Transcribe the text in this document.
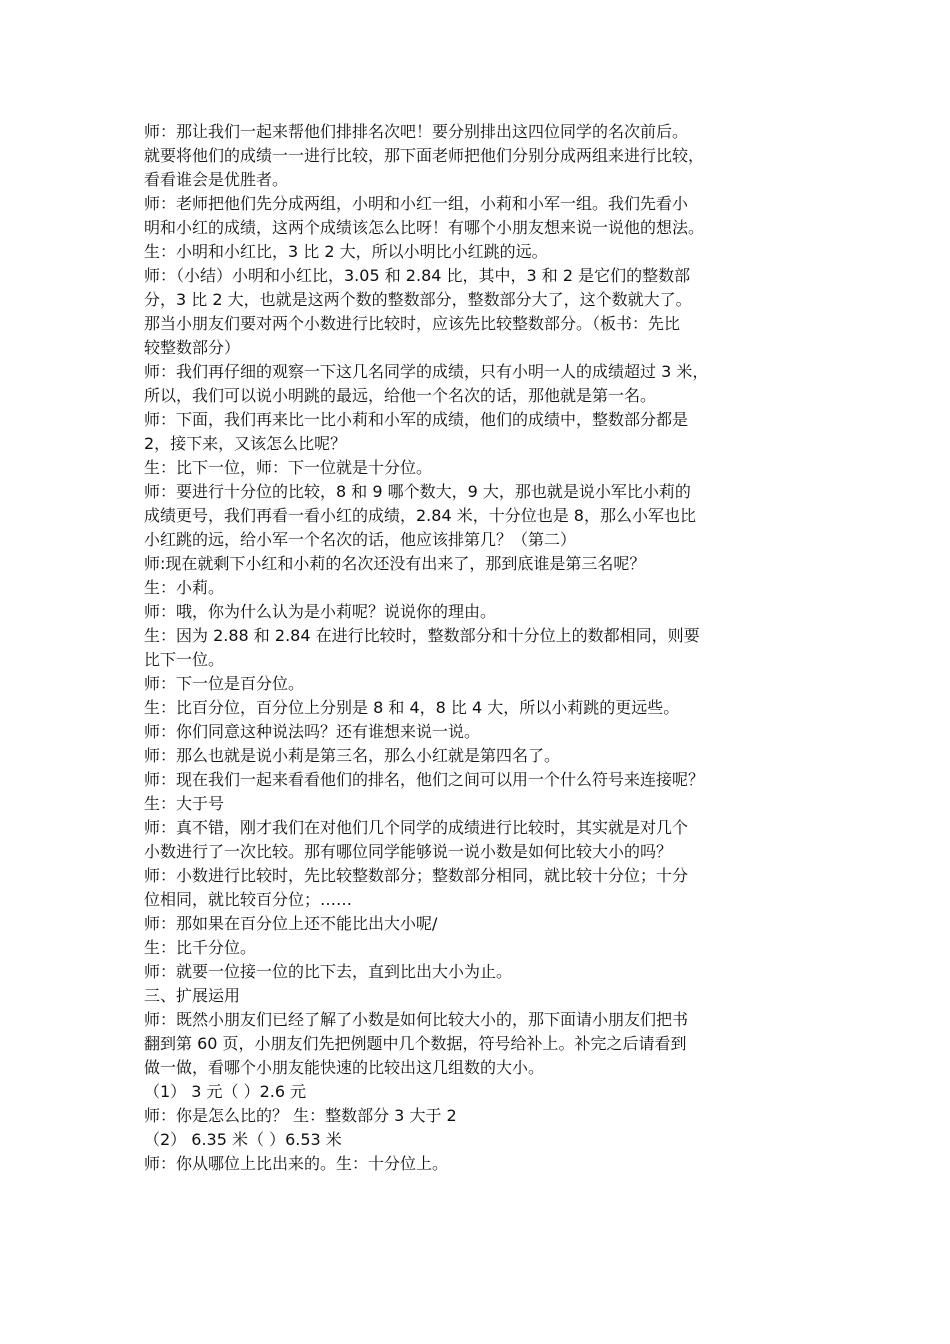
师：那让我们一起来帮他们排排名次吧！要分别排出这四位同学的名次前后。
就要将他们的成绩一一进行比较，那下面老师把他们分别分成两组来进行比较，
看看谁会是优胜者。
师：老师把他们先分成两组，小明和小红一组，小莉和小军一组。我们先看小
明和小红的成绩，这两个成绩该怎么比呀！有哪个小朋友想来说一说他的想法。
生：小明和小红比，3 比 2 大，所以小明比小红跳的远。
师：（小结）小明和小红比，3.05 和 2.84 比，其中，3 和 2 是它们的整数部
分，3 比 2 大，也就是这两个数的整数部分，整数部分大了，这个数就大了。
那当小朋友们要对两个小数进行比较时，应该先比较整数部分。（板书：先比
较整数部分）
师：我们再仔细的观察一下这几名同学的成绩，只有小明一人的成绩超过 3 米，
所以，我们可以说小明跳的最远，给他一个名次的话，那他就是第一名。
师：下面，我们再来比一比小莉和小军的成绩，他们的成绩中，整数部分都是
2，接下来，又该怎么比呢？
生：比下一位，师：下一位就是十分位。
师：要进行十分位的比较，8 和 9 哪个数大，9 大，那也就是说小军比小莉的
成绩更号，我们再看一看小红的成绩，2.84 米，十分位也是 8，那么小军也比
小红跳的远，给小军一个名次的话，他应该排第几？（第二）
师:现在就剩下小红和小莉的名次还没有出来了，那到底谁是第三名呢？
生：小莉。
师：哦，你为什么认为是小莉呢？说说你的理由。
生：因为 2.88 和 2.84 在进行比较时，整数部分和十分位上的数都相同，则要
比下一位。
师：下一位是百分位。
生：比百分位，百分位上分别是 8 和 4，8 比 4 大，所以小莉跳的更远些。
师：你们同意这种说法吗？还有谁想来说一说。
师：那么也就是说小莉是第三名，那么小红就是第四名了。
师：现在我们一起来看看他们的排名，他们之间可以用一个什么符号来连接呢？
生：大于号
师：真不错，刚才我们在对他们几个同学的成绩进行比较时，其实就是对几个
小数进行了一次比较。那有哪位同学能够说一说小数是如何比较大小的吗？
师：小数进行比较时，先比较整数部分；整数部分相同，就比较十分位；十分
位相同，就比较百分位；……
师：那如果在百分位上还不能比出大小呢/
生：比千分位。
师：就要一位接一位的比下去，直到比出大小为止。
三、扩展运用
师：既然小朋友们已经了解了小数是如何比较大小的，那下面请小朋友们把书
翻到第 60 页，小朋友们先把例题中几个数据，符号给补上。补完之后请看到
做一做，看哪个小朋友能快速的比较出这几组数的大小。
（1） 3 元（ ）2.6 元
师：你是怎么比的？ 生：整数部分 3 大于 2
（2） 6.35 米（ ）6.53 米
师：你从哪位上比出来的。生：十分位上。
